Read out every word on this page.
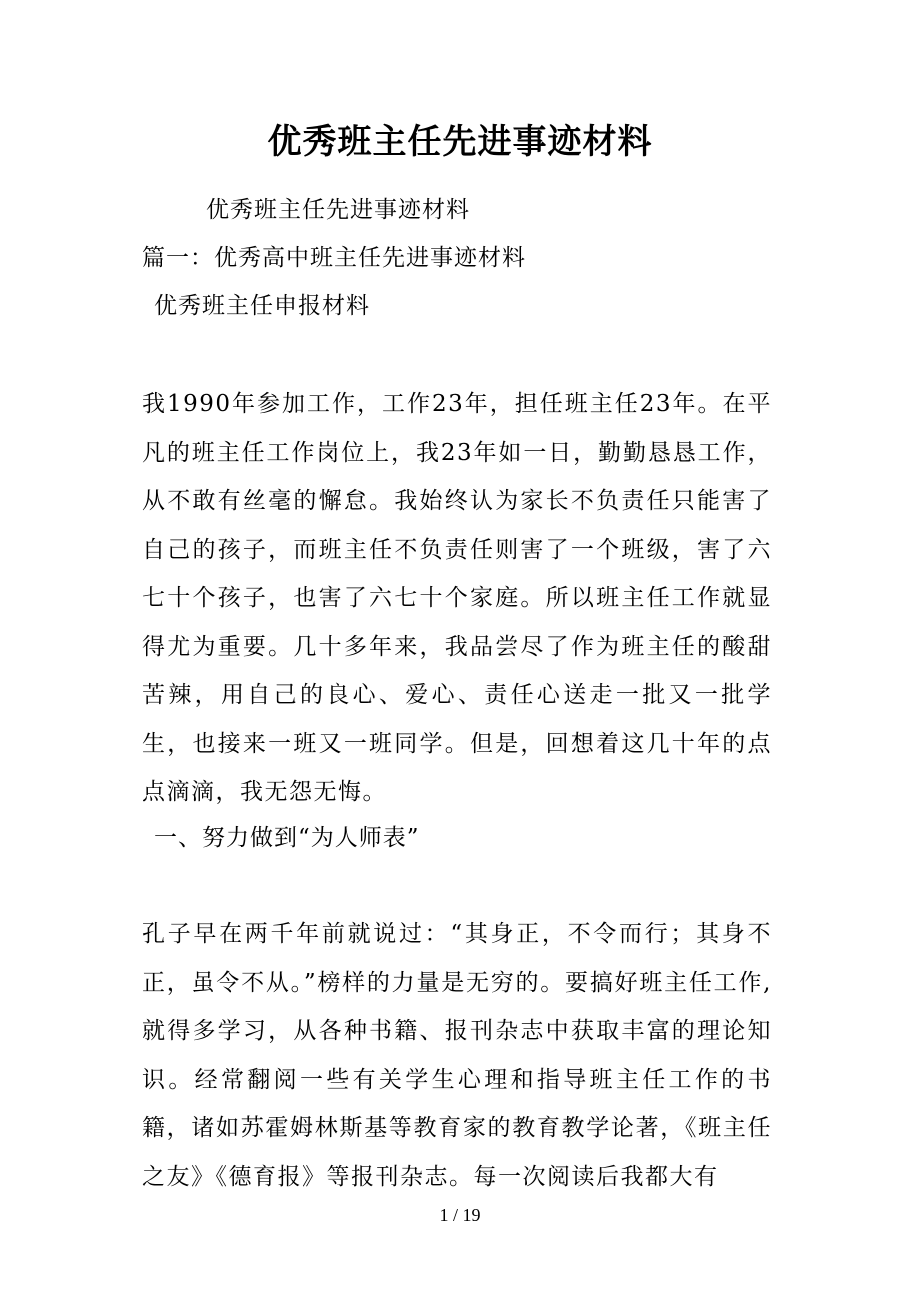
优秀班主任先进事迹材料
优秀班主任先进事迹材料
篇一：优秀高中班主任先进事迹材料
优秀班主任申报材料
我1990年参加工作，工作23年，担任班主任23年。在平凡的班主任工作岗位上，我23年如一日，勤勤恳恳工作，从不敢有丝毫的懈怠。我始终认为家长不负责任只能害了自己的孩子，而班主任不负责任则害了一个班级，害了六七十个孩子，也害了六七十个家庭。所以班主任工作就显得尤为重要。几十多年来，我品尝尽了作为班主任的酸甜苦辣，用自己的良心、爱心、责任心送走一批又一批学生，也接来一班又一班同学。但是，回想着这几十年的点点滴滴，我无怨无悔。
一、努力做到“为人师表”
孔子早在两千年前就说过：“其身正，不令而行；其身不正，虽令不从。”榜样的力量是无穷的。要搞好班主任工作,就得多学习，从各种书籍、报刊杂志中获取丰富的理论知识。经常翻阅一些有关学生心理和指导班主任工作的书籍，诸如苏霍姆林斯基等教育家的教育教学论著，《班主任之友》《德育报》等报刊杂志。每一次阅读后我都大有
1 / 19
